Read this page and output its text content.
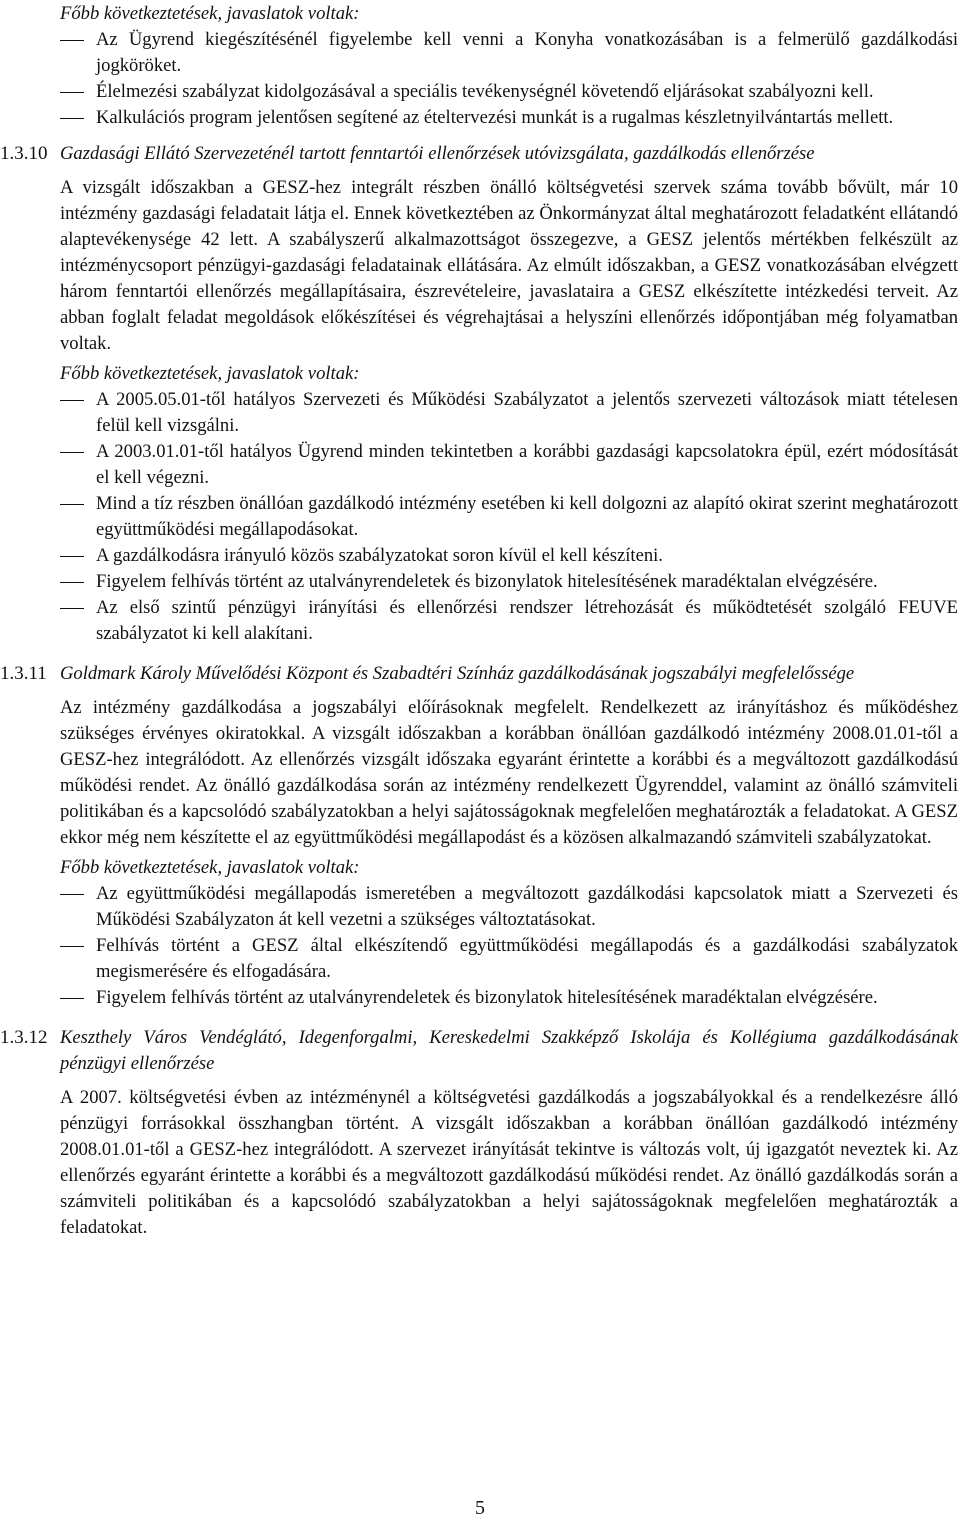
Főbb következtetések, javaslatok voltak:

Az Ügyrend kiegészítésénél figyelembe kell venni a Konyha vonatkozásában is a felmerülő gazdálkodási jogköröket.
Élelmezési szabályzat kidolgozásával a speciális tevékenységnél követendő eljárásokat szabályozni kell.
Kalkulációs program jelentősen segítené az ételtervezési munkát is a rugalmas készletnyilvántartás mellett.
1.3.10 Gazdasági Ellátó Szervezeténél tartott fenntartói ellenőrzések utóvizsgálata, gazdálkodás ellenőrzése

A vizsgált időszakban a GESZ-hez integrált részben önálló költségvetési szervek száma tovább bővült, már 10 intézmény gazdasági feladatait látja el. Ennek következtében az Önkormányzat által meghatározott feladatként ellátandó alaptevékenysége 42 lett. A szabályszerű alkalmazottságot összegezve, a GESZ jelentős mértékben felkészült az intézménycsoport pénzügyi-gazdasági feladatainak ellátására. Az elmúlt időszakban, a GESZ vonatkozásában elvégzett három fenntartói ellenőrzés megállapításaira, észrevételeire, javaslataira a GESZ elkészítette intézkedési terveit. Az abban foglalt feladat megoldások előkészítései és végrehajtásai a helyszíni ellenőrzés időpontjában még folyamatban voltak.

Főbb következtetések, javaslatok voltak:

A 2005.05.01-től hatályos Szervezeti és Működési Szabályzatot a jelentős szervezeti változások miatt tételesen felül kell vizsgálni.
A 2003.01.01-től hatályos Ügyrend minden tekintetben a korábbi gazdasági kapcsolatokra épül, ezért módosítását el kell végezni.
Mind a tíz részben önállóan gazdálkodó intézmény esetében ki kell dolgozni az alapító okirat szerint meghatározott együttműködési megállapodásokat.
A gazdálkodásra irányuló közös szabályzatokat soron kívül el kell készíteni.
Figyelem felhívás történt az utalványrendeletek és bizonylatok hitelesítésének maradéktalan elvégzésére.
Az első szintű pénzügyi irányítási és ellenőrzési rendszer létrehozását és működtetését szolgáló FEUVE szabályzatot ki kell alakítani.
1.3.11 Goldmark Károly Művelődési Központ és Szabadtéri Színház gazdálkodásának jogszabályi megfelelőssége

Az intézmény gazdálkodása a jogszabályi előírásoknak megfelelt. Rendelkezett az irányításhoz és működéshez szükséges érvényes okiratokkal. A vizsgált időszakban a korábban önállóan gazdálkodó intézmény 2008.01.01-től a GESZ-hez integrálódott. Az ellenőrzés vizsgált időszaka egyaránt érintette a korábbi és a megváltozott gazdálkodású működési rendet. Az önálló gazdálkodása során az intézmény rendelkezett Ügyrenddel, valamint az önálló számviteli politikában és a kapcsolódó szabályzatokban a helyi sajátosságoknak megfelelően meghatározták a feladatokat. A GESZ ekkor még nem készítette el az együttműködési megállapodást és a közösen alkalmazandó számviteli szabályzatokat.

Főbb következtetések, javaslatok voltak:

Az együttműködési megállapodás ismeretében a megváltozott gazdálkodási kapcsolatok miatt a Szervezeti és Működési Szabályzaton át kell vezetni a szükséges változtatásokat.
Felhívás történt a GESZ által elkészítendő együttműködési megállapodás és a gazdálkodási szabályzatok megismerésére és elfogadására.
Figyelem felhívás történt az utalványrendeletek és bizonylatok hitelesítésének maradéktalan elvégzésére.
1.3.12 Keszthely Város Vendéglátó, Idegenforgalmi, Kereskedelmi Szakképző Iskolája és Kollégiuma gazdálkodásának pénzügyi ellenőrzése

A 2007. költségvetési évben az intézménynél a költségvetési gazdálkodás a jogszabályokkal és a rendelkezésre álló pénzügyi forrásokkal összhangban történt. A vizsgált időszakban a korábban önállóan gazdálkodó intézmény 2008.01.01-től a GESZ-hez integrálódott. A szervezet irányítását tekintve is változás volt, új igazgatót neveztek ki. Az ellenőrzés egyaránt érintette a korábbi és a megváltozott gazdálkodású működési rendet. Az önálló gazdálkodás során a számviteli politikában és a kapcsolódó szabályzatokban a helyi sajátosságoknak megfelelően meghatározták a feladatokat.

5
